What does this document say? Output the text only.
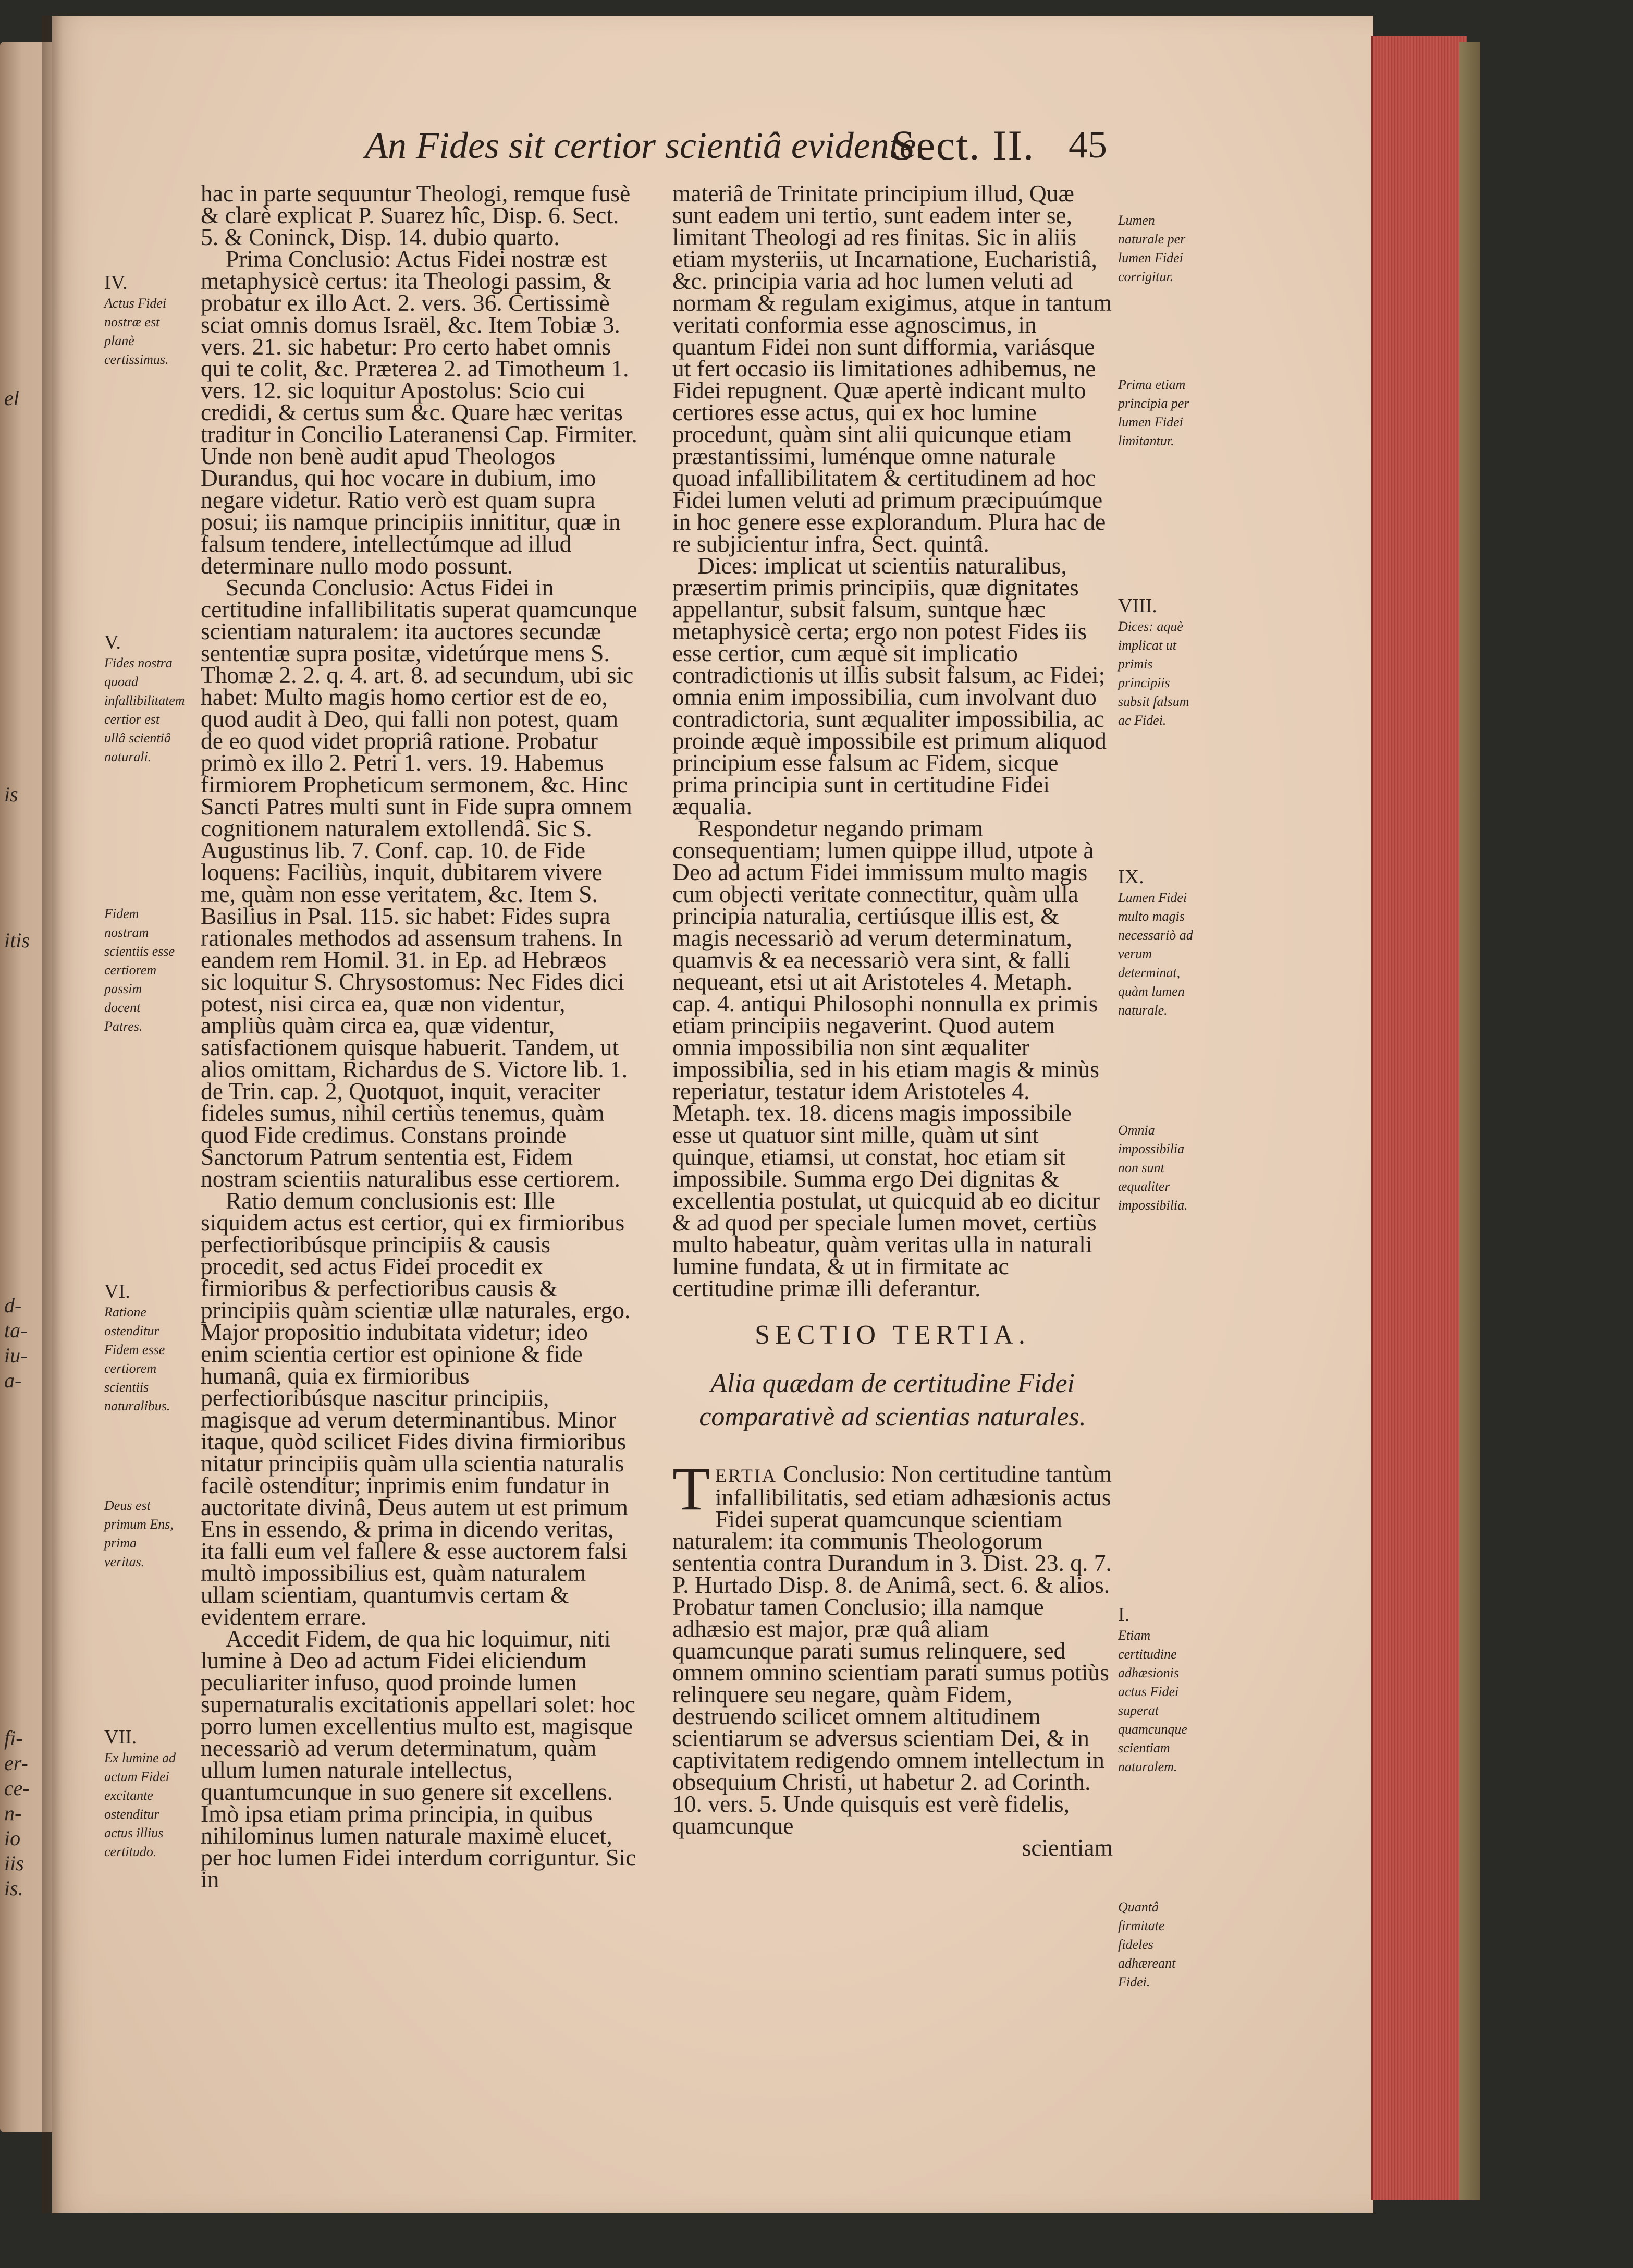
el
is
itis
d-
ta-
iu-
a-
fi-
er-
ce-
n-
io
iis
is.
An Fides sit certior scientiâ evidente.
Sect. II. 45
IV.
Actus Fidei nostræ est planè certissimus.
V.
Fides nostra quoad infallibilitatem certior est ullâ scientiâ naturali.
Fidem nostram scientiis esse certiorem passim docent Patres.
VI.
Ratione ostenditur Fidem esse certiorem scientiis naturalibus.
Deus est primum Ens, prima veritas.
VII.
Ex lumine ad actum Fidei excitante ostenditur actus illius certitudo.

hac in parte sequuntur Theologi, remque fusè & clarè explicat P. Suarez hîc, Disp. 6. Sect. 5. & Coninck, Disp. 14. dubio quarto.

Prima Conclusio: Actus Fidei nostræ est metaphysicè certus: ita Theologi passim, & probatur ex illo Act. 2. vers. 36. Certissimè sciat omnis domus Israël, &c. Item Tobiæ 3. vers. 21. sic habetur: Pro certo habet omnis qui te colit, &c. Præterea 2. ad Timotheum 1. vers. 12. sic loquitur Apostolus: Scio cui credidi, & certus sum &c. Quare hæc veritas traditur in Concilio Lateranensi Cap. Firmiter. Unde non benè audit apud Theologos Durandus, qui hoc vocare in dubium, imo negare videtur. Ratio verò est quam supra posui; iis namque principiis innititur, quæ in falsum tendere, intellectúmque ad illud determinare nullo modo possunt.

Secunda Conclusio: Actus Fidei in certitudine infallibilitatis superat quamcunque scientiam naturalem: ita auctores secundæ sententiæ supra positæ, videtúrque mens S. Thomæ 2. 2. q. 4. art. 8. ad secundum, ubi sic habet: Multo magis homo certior est de eo, quod audit à Deo, qui falli non potest, quam de eo quod videt propriâ ratione. Probatur primò ex illo 2. Petri 1. vers. 19. Habemus firmiorem Propheticum sermonem, &c. Hinc Sancti Patres multi sunt in Fide supra omnem cognitionem naturalem extollendâ. Sic S. Augustinus lib. 7. Conf. cap. 10. de Fide loquens: Faciliùs, inquit, dubitarem vivere me, quàm non esse veritatem, &c. Item S. Basilius in Psal. 115. sic habet: Fides supra rationales methodos ad assensum trahens. In eandem rem Homil. 31. in Ep. ad Hebræos sic loquitur S. Chrysostomus: Nec Fides dici potest, nisi circa ea, quæ non videntur, ampliùs quàm circa ea, quæ videntur, satisfactionem quisque habuerit. Tandem, ut alios omittam, Richardus de S. Victore lib. 1. de Trin. cap. 2, Quotquot, inquit, veraciter fideles sumus, nihil certiùs tenemus, quàm quod Fide credimus. Constans proinde Sanctorum Patrum sententia est, Fidem nostram scientiis naturalibus esse certiorem.

Ratio demum conclusionis est: Ille siquidem actus est certior, qui ex firmioribus perfectioribúsque principiis & causis procedit, sed actus Fidei procedit ex firmioribus & perfectioribus causis & principiis quàm scientiæ ullæ naturales, ergo. Major propositio indubitata videtur; ideo enim scientia certior est opinione & fide humanâ, quia ex firmioribus perfectioribúsque nascitur principiis, magisque ad verum determinantibus. Minor itaque, quòd scilicet Fides divina firmioribus nitatur principiis quàm ulla scientia naturalis facilè ostenditur; inprimis enim fundatur in auctoritate divinâ, Deus autem ut est primum Ens in essendo, & prima in dicendo veritas, ita falli eum vel fallere & esse auctorem falsi multò impossibilius est, quàm naturalem ullam scientiam, quantumvis certam & evidentem errare.

Accedit Fidem, de qua hic loquimur, niti lumine à Deo ad actum Fidei eliciendum peculiariter infuso, quod proinde lumen supernaturalis excitationis appellari solet: hoc porro lumen excellentius multo est, magisque necessariò ad verum determinatum, quàm ullum lumen naturale intellectus, quantumcunque in suo genere sit excellens. Imò ipsa etiam prima principia, in quibus nihilominus lumen naturale maximè elucet, per hoc lumen Fidei interdum corriguntur. Sic in

materiâ de Trinitate principium illud, Quæ sunt eadem uni tertio, sunt eadem inter se, limitant Theologi ad res finitas. Sic in aliis etiam mysteriis, ut Incarnatione, Eucharistiâ, &c. principia varia ad hoc lumen veluti ad normam & regulam exigimus, atque in tantum veritati conformia esse agnoscimus, in quantum Fidei non sunt difformia, variásque ut fert occasio iis limitationes adhibemus, ne Fidei repugnent. Quæ apertè indicant multo certiores esse actus, qui ex hoc lumine procedunt, quàm sint alii quicunque etiam præstantissimi, luménque omne naturale quoad infallibilitatem & certitudinem ad hoc Fidei lumen veluti ad primum præcipuúmque in hoc genere esse explorandum. Plura hac de re subjicientur infra, Sect. quintâ.

Dices: implicat ut scientiis naturalibus, præsertim primis principiis, quæ dignitates appellantur, subsit falsum, suntque hæc metaphysicè certa; ergo non potest Fides iis esse certior, cum æquè sit implicatio contradictionis ut illis subsit falsum, ac Fidei; omnia enim impossibilia, cum involvant duo contradictoria, sunt æqualiter impossibilia, ac proinde æquè impossibile est primum aliquod principium esse falsum ac Fidem, sicque prima principia sunt in certitudine Fidei æqualia.

Respondetur negando primam consequentiam; lumen quippe illud, utpote à Deo ad actum Fidei immissum multo magis cum objecti veritate connectitur, quàm ulla principia naturalia, certiúsque illis est, & magis necessariò ad verum determinatum, quamvis & ea necessariò vera sint, & falli nequeant, etsi ut ait Aristoteles 4. Metaph. cap. 4. antiqui Philosophi nonnulla ex primis etiam principiis negaverint. Quod autem omnia impossibilia non sint æqualiter impossibilia, sed in his etiam magis & minùs reperiatur, testatur idem Aristoteles 4. Metaph. tex. 18. dicens magis impossibile esse ut quatuor sint mille, quàm ut sint quinque, etiamsi, ut constat, hoc etiam sit impossibile. Summa ergo Dei dignitas & excellentia postulat, ut quicquid ab eo dicitur & ad quod per speciale lumen movet, certiùs multo habeatur, quàm veritas ulla in naturali lumine fundata, & ut in firmitate ac certitudine primæ illi deferantur.

SECTIO TERTIA.
Alia quædam de certitudine Fidei comparativè ad scientias naturales.

TERTIA Conclusio: Non certitudine tantùm infallibilitatis, sed etiam adhæsionis actus Fidei superat quamcunque scientiam naturalem: ita communis Theologorum sententia contra Durandum in 3. Dist. 23. q. 7. P. Hurtado Disp. 8. de Animâ, sect. 6. & alios. Probatur tamen Conclusio; illa namque adhæsio est major, præ quâ aliam quamcunque parati sumus relinquere, sed omnem omnino scientiam parati sumus potiùs relinquere seu negare, quàm Fidem, destruendo scilicet omnem altitudinem scientiarum se adversus scientiam Dei, & in captivitatem redigendo omnem intellectum in obsequium Christi, ut habetur 2. ad Corinth. 10. vers. 5. Unde quisquis est verè fidelis, quamcunque

scientiam

Lumen naturale per lumen Fidei corrigitur.
Prima etiam principia per lumen Fidei limitantur.
VIII.
Dices: aquè implicat ut primis principiis subsit falsum ac Fidei.
IX.
Lumen Fidei multo magis necessariò ad verum determinat, quàm lumen naturale.
Omnia impossibilia non sunt æqualiter impossibilia.
I.
Etiam certitudine adhæsionis actus Fidei superat quamcunque scientiam naturalem.
Quantâ firmitate fideles adhæreant Fidei.
